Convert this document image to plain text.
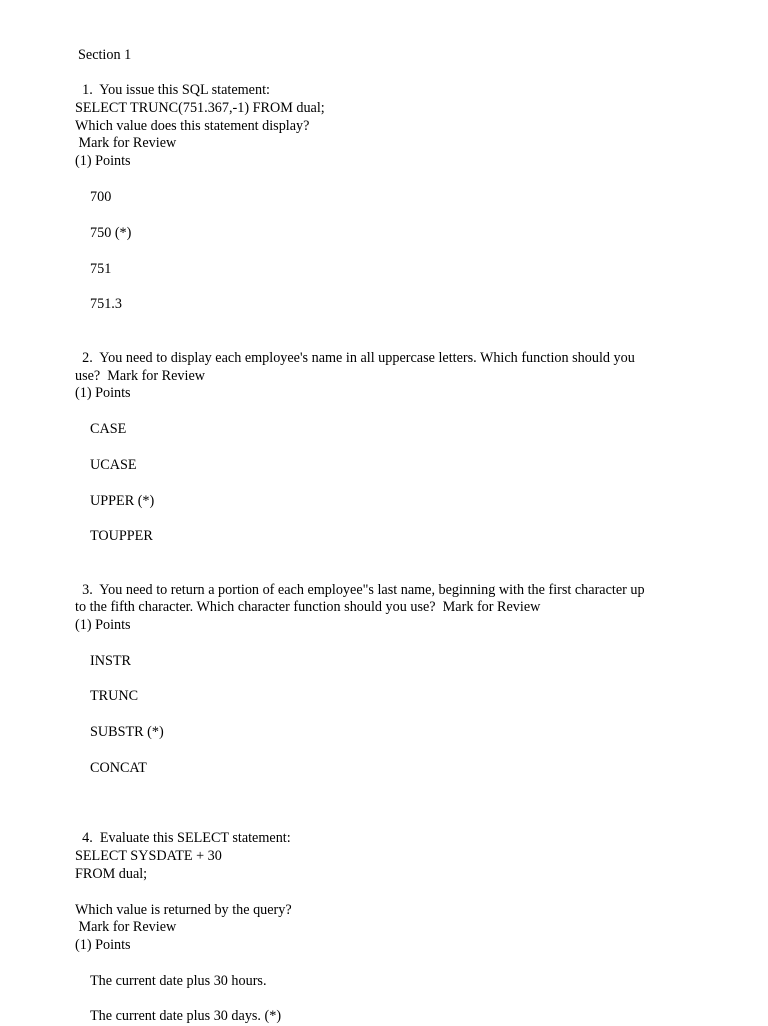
Section 1
1.  You issue this SQL statement:
SELECT TRUNC(751.367,-1) FROM dual;
Which value does this statement display?
Mark for Review
(1) Points
700
750 (*)
751
751.3
2.  You need to display each employee's name in all uppercase letters. Which function should you
use?  Mark for Review
(1) Points
CASE
UCASE
UPPER (*)
TOUPPER
3.  You need to return a portion of each employee"s last name, beginning with the first character up
to the fifth character. Which character function should you use?  Mark for Review
(1) Points
INSTR
TRUNC
SUBSTR (*)
CONCAT
4.  Evaluate this SELECT statement:
SELECT SYSDATE + 30
FROM dual;
Which value is returned by the query?
Mark for Review
(1) Points
The current date plus 30 hours.
The current date plus 30 days. (*)
